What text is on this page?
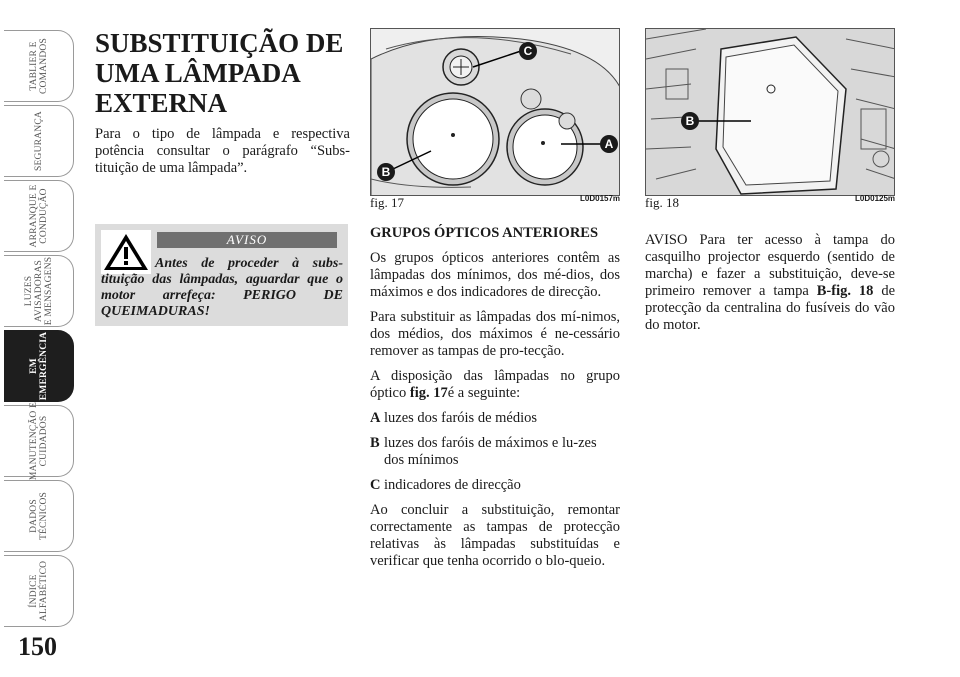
TABLIER E
COMANDOS
SEGURANÇA
ARRANQUE E
CONDUÇÃO
LUZES
AVISADORAS
E MENSAGENS
EM
EMERGÊNCIA
MANUTENÇÃO E
CUIDADOS
DADOS
TÉCNICOS
ÍNDICE
ALFABÉTICO
150
SUBSTITUIÇÃO DE UMA LÂMPADA EXTERNA
Para o tipo de lâmpada e respectiva potência consultar o parágrafo “Subs-tituição de uma lâmpada”.
AVISO
Antes de proceder à subs-tituição das lâmpadas, aguardar que o motor arrefeça: PERIGO DE QUEIMADURAS!
C
A
B
fig. 17	L0D0157m
B
fig. 18	L0D0125m

GRUPOS ÓPTICOS ANTERIORES

Os grupos ópticos anteriores contêm as lâmpadas dos mínimos, dos mé-dios, dos máximos e dos indicadores de direcção.

Para substituir as lâmpadas dos mí-nimos, dos médios, dos máximos é ne-cessário remover as tampas de pro-tecção.

A disposição das lâmpadas no grupo óptico fig. 17é a seguinte:

A luzes dos faróis de médios
B luzes dos faróis de máximos e lu-zes dos mínimos
C indicadores de direcção

Ao concluir a substituição, remontar correctamente as tampas de protecção relativas às lâmpadas substituídas e verificar que tenha ocorrido o blo-queio.

AVISO Para ter acesso à tampa do casquilho projector esquerdo (sentido de marcha) e fazer a substituição, deve-se primeiro remover a tampa B-fig. 18 de protecção da centralina do fusíveis do vão do motor.
